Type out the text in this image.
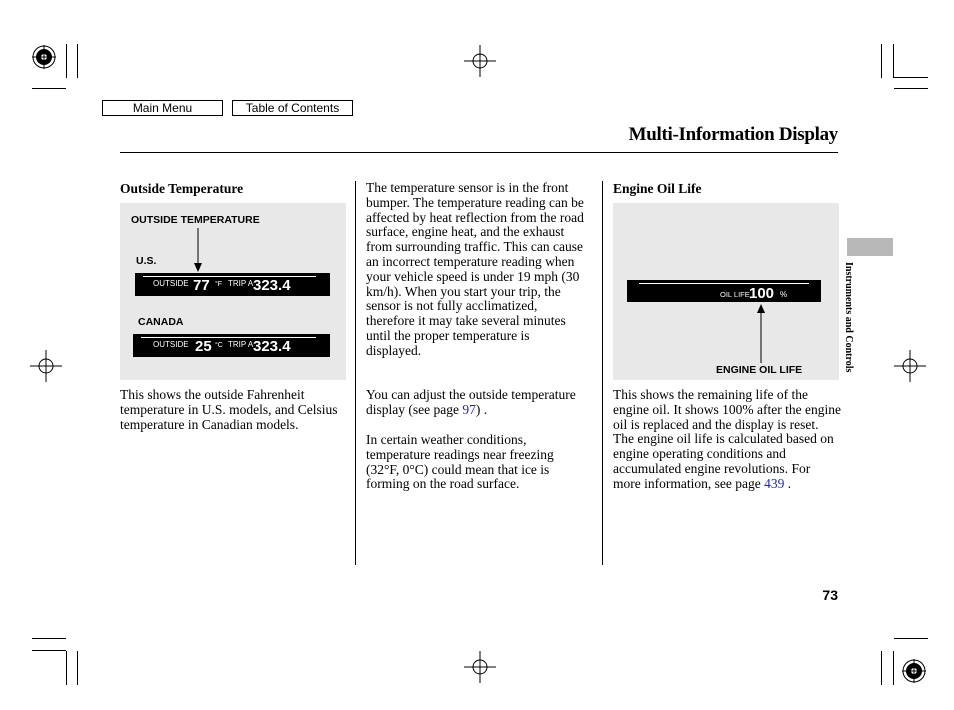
Main Menu	Table of Contents
Multi-Information Display
Outside Temperature
OUTSIDE TEMPERATURE
U.S.
OUTSIDE 77 °F TRIP A 323.4
CANADA
OUTSIDE 25 °C TRIP A 323.4
This shows the outside Fahrenheit temperature in U.S. models, and Celsius temperature in Canadian models.
The temperature sensor is in the front bumper. The temperature reading can be affected by heat reflection from the road surface, engine heat, and the exhaust from surrounding traffic. This can cause an incorrect temperature reading when your vehicle speed is under 19 mph (30 km/h). When you start your trip, the sensor is not fully acclimatized, therefore it may take several minutes until the proper temperature is displayed.
You can adjust the outside temperature display (see page 97) .
In certain weather conditions, temperature readings near freezing (32°F, 0°C) could mean that ice is forming on the road surface.
Engine Oil Life
OIL LIFE 100 %
ENGINE OIL LIFE
This shows the remaining life of the engine oil. It shows 100% after the engine oil is replaced and the display is reset. The engine oil life is calculated based on engine operating conditions and accumulated engine revolutions. For more information, see page 439 .
Instruments and Controls
73
